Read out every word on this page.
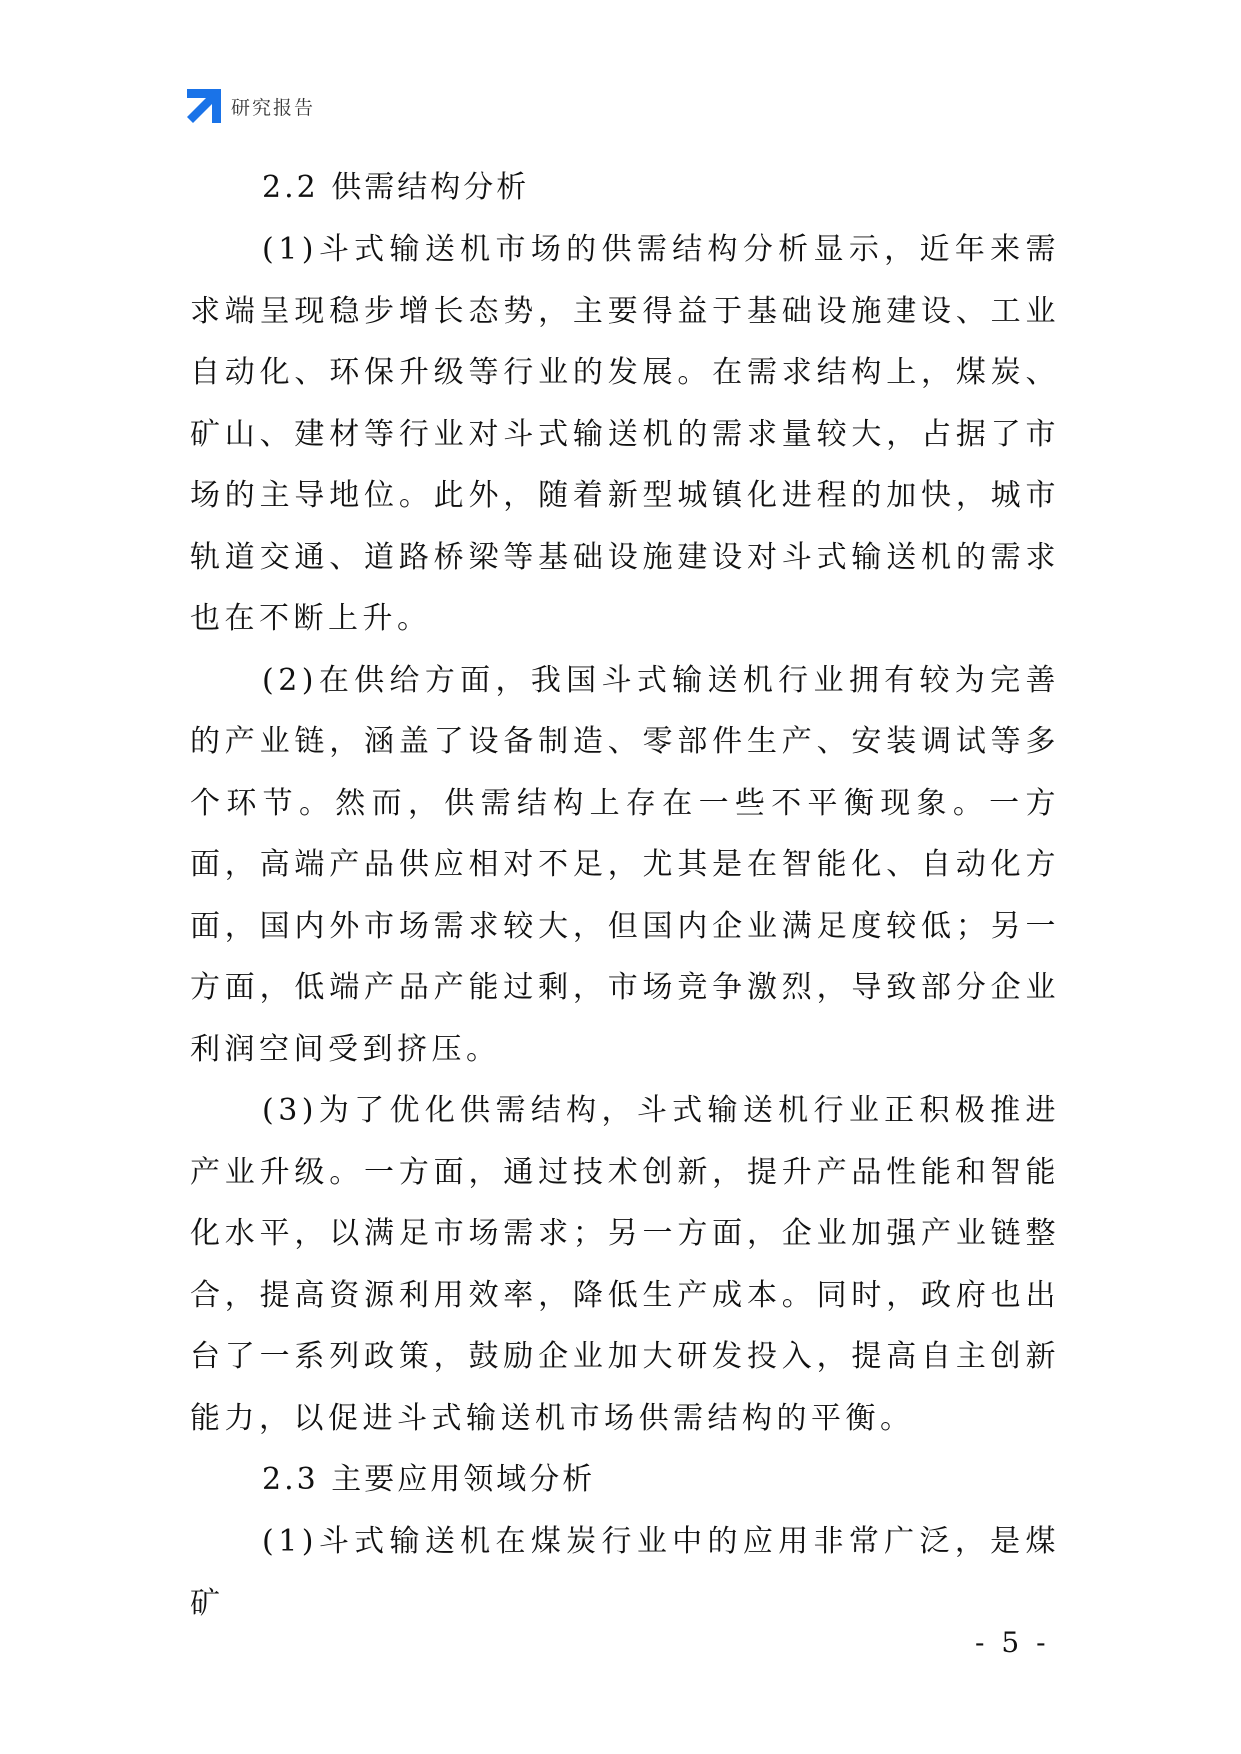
研究报告
2.2 供需结构分析

(1)斗式输送机市场的供需结构分析显示，近年来需求端呈现稳步增长态势，主要得益于基础设施建设、工业自动化、环保升级等行业的发展。在需求结构上，煤炭、矿山、建材等行业对斗式输送机的需求量较大，占据了市场的主导地位。此外，随着新型城镇化进程的加快，城市轨道交通、道路桥梁等基础设施建设对斗式输送机的需求也在不断上升。

(2)在供给方面，我国斗式输送机行业拥有较为完善的产业链，涵盖了设备制造、零部件生产、安装调试等多个环节。然而，供需结构上存在一些不平衡现象。一方面，高端产品供应相对不足，尤其是在智能化、自动化方面，国内外市场需求较大，但国内企业满足度较低；另一方面，低端产品产能过剩，市场竞争激烈，导致部分企业利润空间受到挤压。

(3)为了优化供需结构，斗式输送机行业正积极推进产业升级。一方面，通过技术创新，提升产品性能和智能化水平，以满足市场需求；另一方面，企业加强产业链整合，提高资源利用效率，降低生产成本。同时，政府也出台了一系列政策，鼓励企业加大研发投入，提高自主创新能力，以促进斗式输送机市场供需结构的平衡。

2.3 主要应用领域分析

(1)斗式输送机在煤炭行业中的应用非常广泛，是煤矿

- 5 -
